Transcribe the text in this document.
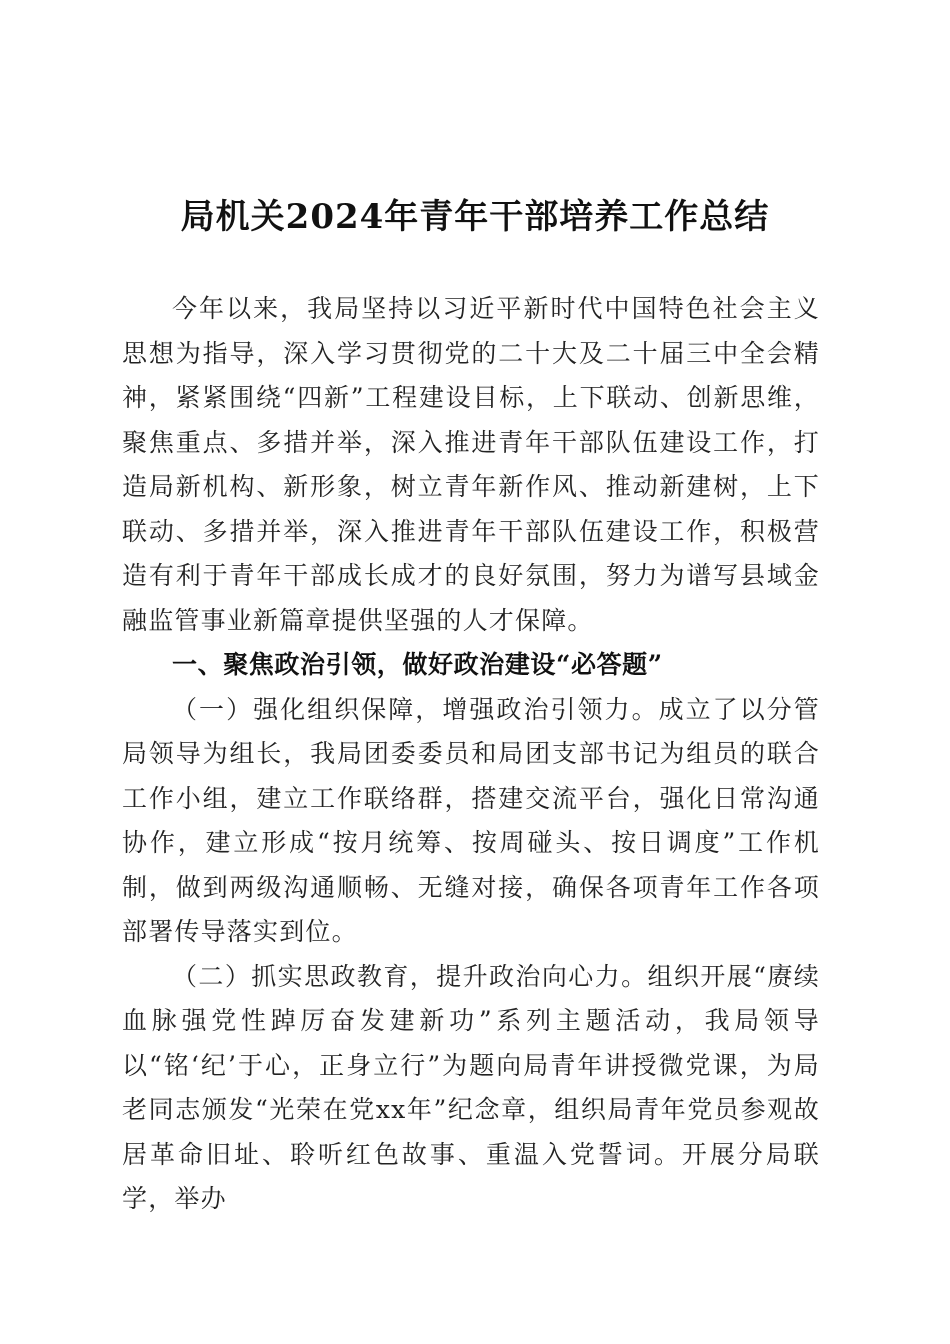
局机关2024年青年干部培养工作总结

今年以来，我局坚持以习近平新时代中国特色社会主义思想为指导，深入学习贯彻党的二十大及二十届三中全会精神，紧紧围绕“四新”工程建设目标，上下联动、创新思维，聚焦重点、多措并举，深入推进青年干部队伍建设工作，打造局新机构、新形象，树立青年新作风、推动新建树，上下联动、多措并举，深入推进青年干部队伍建设工作，积极营造有利于青年干部成长成才的良好氛围，努力为谱写县域金融监管事业新篇章提供坚强的人才保障。

一、聚焦政治引领，做好政治建设“必答题”

（一）强化组织保障，增强政治引领力。成立了以分管局领导为组长，我局团委委员和局团支部书记为组员的联合工作小组，建立工作联络群，搭建交流平台，强化日常沟通协作，建立形成“按月统筹、按周碰头、按日调度”工作机制，做到两级沟通顺畅、无缝对接，确保各项青年工作各项部署传导落实到位。

（二）抓实思政教育，提升政治向心力。组织开展“赓续血脉强党性踔厉奋发建新功”系列主题活动，我局领导以“铭‘纪’于心，正身立行”为题向局青年讲授微党课，为局老同志颁发“光荣在党xx年”纪念章，组织局青年党员参观故居革命旧址、聆听红色故事、重温入党誓词。开展分局联学，举办
